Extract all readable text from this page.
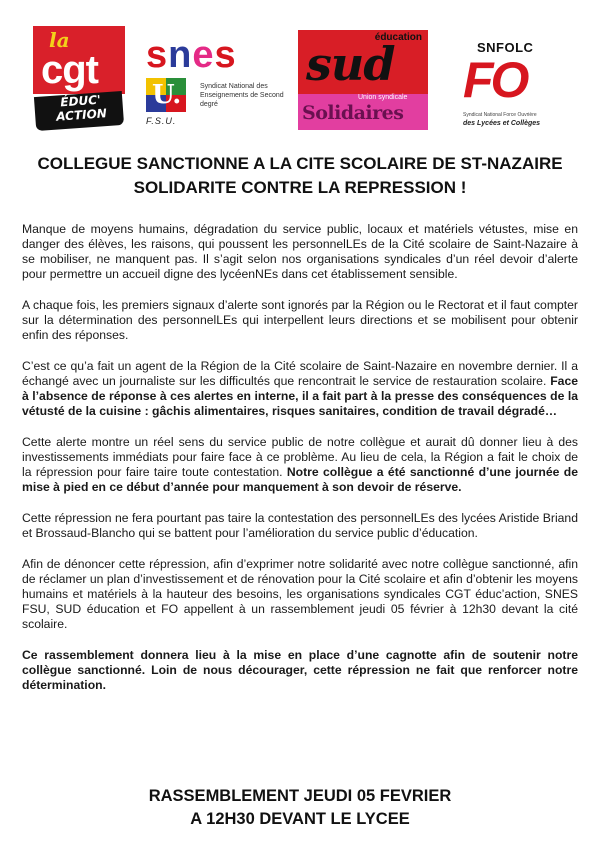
la
cgt
ÉDUC' ACTION
snes
U.
F.S.U.
Syndicat National des Enseignements de Second degré
éducation
sud
Union syndicale
Solidaires
SNFOLC
FO
Syndicat National Force Ouvrière
des Lycées et Collèges
COLLEGUE SANCTIONNE A LA CITE SCOLAIRE DE ST-NAZAIRE
SOLIDARITE CONTRE LA REPRESSION !

Manque de moyens humains, dégradation du service public, locaux et matériels vétustes, mise en danger des élèves, les raisons, qui poussent les personnelLEs de la Cité scolaire de Saint-Nazaire à se mobiliser, ne manquent pas. Il s’agit selon nos organisations syndicales d’un réel devoir d’alerte pour permettre un accueil digne des lycéenNEs dans cet établissement sensible.

A chaque fois, les premiers signaux d’alerte sont ignorés par la Région ou le Rectorat et il faut compter sur la détermination des personnelLEs qui interpellent leurs directions et se mobilisent pour obtenir enfin des réponses.

C’est ce qu’a fait un agent de la Région de la Cité scolaire de Saint-Nazaire en novembre dernier. Il a échangé avec un journaliste sur les difficultés que rencontrait le service de restauration scolaire. Face à l’absence de réponse à ces alertes en interne, il a fait part à la presse des conséquences de la vétusté de la cuisine : gâchis alimentaires, risques sanitaires, condition de travail dégradé…

Cette alerte montre un réel sens du service public de notre collègue et aurait dû donner lieu à des investissements immédiats pour faire face à ce problème. Au lieu de cela, la Région a fait le choix de la répression pour faire taire toute contestation. Notre collègue a été sanctionné d’une journée de mise à pied en ce début d’année pour manquement à son devoir de réserve.

Cette répression ne fera pourtant pas taire la contestation des personnelLEs des lycées Aristide Briand et Brossaud-Blancho qui se battent pour l’amélioration du service public d’éducation.

Afin de dénoncer cette répression, afin d’exprimer notre solidarité avec notre collègue sanctionné, afin de réclamer un plan d’investissement et de rénovation pour la Cité scolaire et afin d’obtenir les moyens humains et matériels à la hauteur des besoins, les organisations syndicales CGT éduc’action, SNES FSU, SUD éducation et FO appellent à un rassemblement jeudi 05 février à 12h30 devant la cité scolaire.

Ce rassemblement donnera lieu à la mise en place d’une cagnotte afin de soutenir notre collègue sanctionné. Loin de nous décourager, cette répression ne fait que renforcer notre détermination.

RASSEMBLEMENT JEUDI 05 FEVRIER
A 12H30 DEVANT LE LYCEE
